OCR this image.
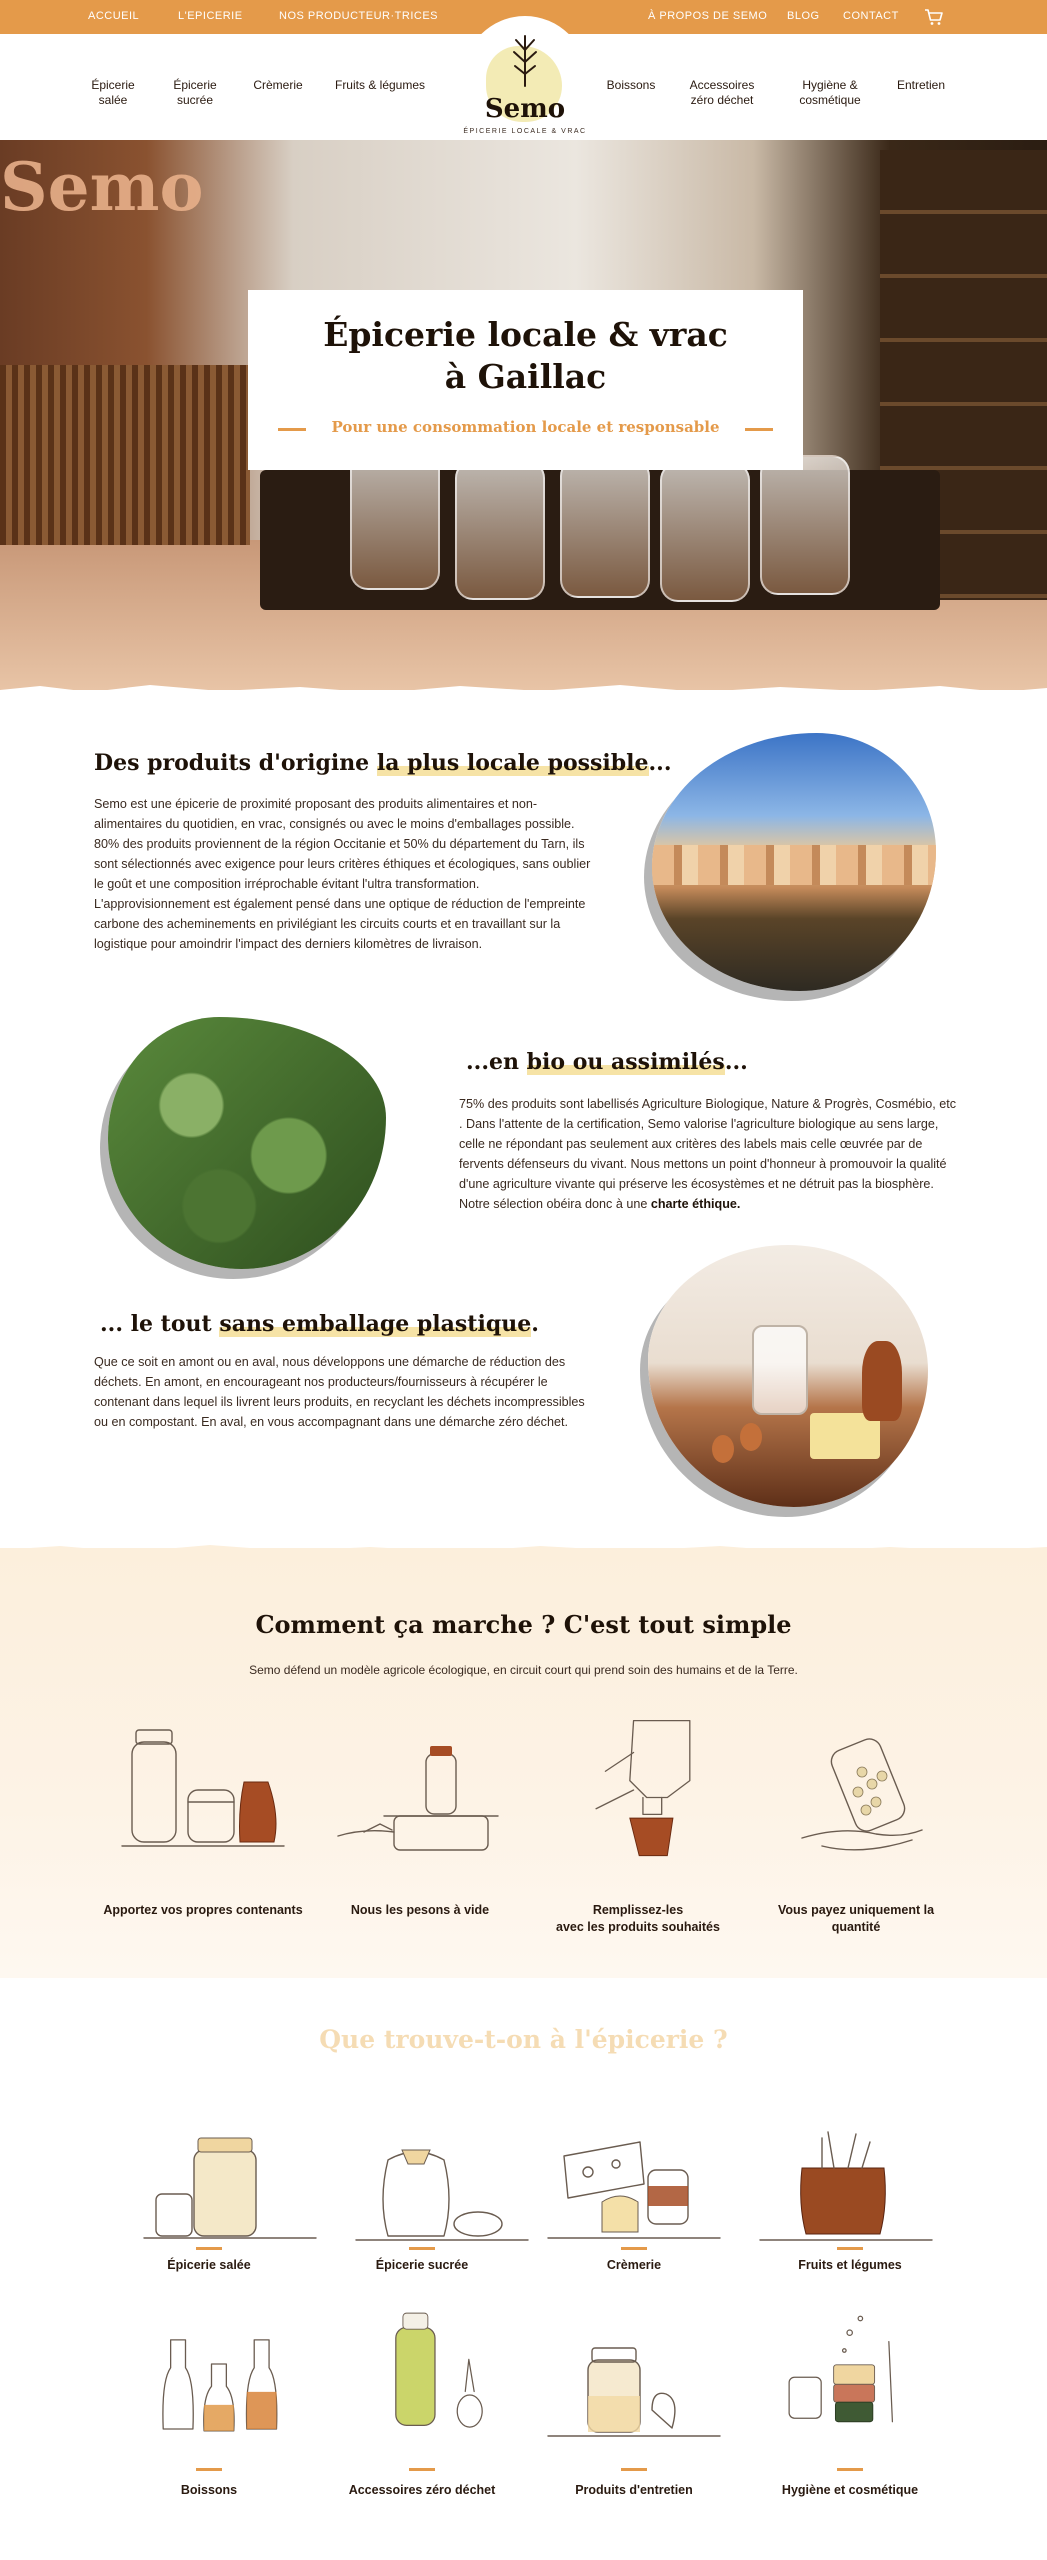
ACCUEIL	L'EPICERIE	NOS PRODUCTEUR·TRICES	À PROPOS DE SEMO BLOG CONTACT
Épicerie
salée
Épicerie
sucrée
Crèmerie	Fruits & légumes	Boissons	Accessoires
zéro déchet
Hygiène &
cosmétique
Entretien
Semo
ÉPICERIE LOCALE & VRAC
Semo
Épicerie locale & vrac
à Gaillac
Pour une consommation locale et responsable
Des produits d'origine la plus locale possible...
Semo est une épicerie de proximité proposant des produits alimentaires et non-alimentaires du quotidien, en vrac, consignés ou avec le moins d'emballages possible. 80% des produits proviennent de la région Occitanie et 50% du département du Tarn, ils sont sélectionnés avec exigence pour leurs critères éthiques et écologiques, sans oublier le goût et une composition irréprochable évitant l'ultra transformation.
L'approvisionnement est également pensé dans une optique de réduction de l'empreinte carbone des acheminements en privilégiant les circuits courts et en travaillant sur la logistique pour amoindrir l'impact des derniers kilomètres de livraison.
...en bio ou assimilés...
75% des produits sont labellisés Agriculture Biologique, Nature & Progrès, Cosmébio, etc . Dans l'attente de la certification, Semo valorise l'agriculture biologique au sens large, celle ne répondant pas seulement aux critères des labels mais celle œuvrée par de fervents défenseurs du vivant. Nous mettons un point d'honneur à promouvoir la qualité d'une agriculture vivante qui préserve les écosystèmes et ne détruit pas la biosphère. Notre sélection obéira donc à une charte éthique.
... le tout sans emballage plastique.
Que ce soit en amont ou en aval, nous développons une démarche de réduction des déchets. En amont, en encourageant nos producteurs/fournisseurs à récupérer le contenant dans lequel ils livrent leurs produits, en recyclant les déchets incompressibles ou en compostant. En aval, en vous accompagnant dans une démarche zéro déchet.
Comment ça marche ? C'est tout simple
Semo défend un modèle agricole écologique, en circuit court qui prend soin des humains et de la Terre.
Apportez vos propres contenants	Nous les pesons à vide	Remplissez-les
avec les produits souhaités
Vous payez uniquement la
quantité
Que trouve-t-on à l'épicerie ?
Épicerie salée	Épicerie sucrée	Crèmerie	Fruits et légumes
Boissons	Accessoires zéro déchet	Produits d'entretien	Hygiène et cosmétique
